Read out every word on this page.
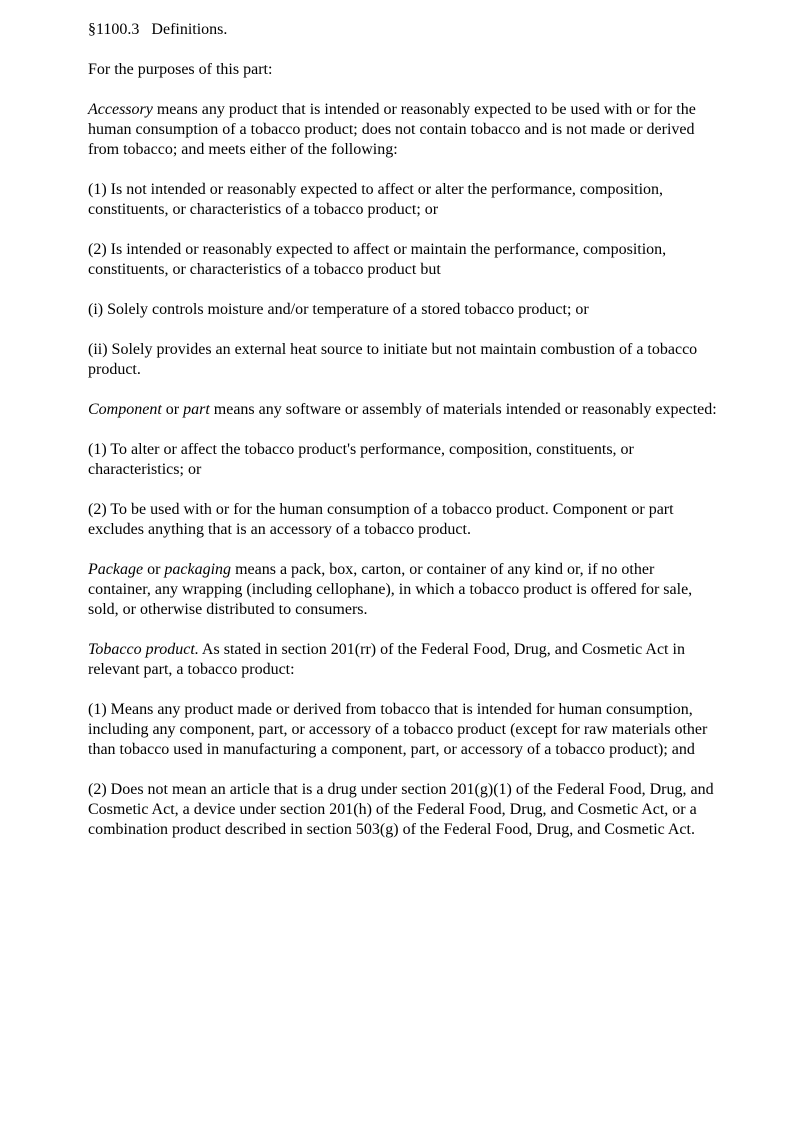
§1100.3 Definitions.

For the purposes of this part:

Accessory means any product that is intended or reasonably expected to be used with or for the human consumption of a tobacco product; does not contain tobacco and is not made or derived from tobacco; and meets either of the following:

(1) Is not intended or reasonably expected to affect or alter the performance, composition, constituents, or characteristics of a tobacco product; or

(2) Is intended or reasonably expected to affect or maintain the performance, composition, constituents, or characteristics of a tobacco product but

(i) Solely controls moisture and/or temperature of a stored tobacco product; or

(ii) Solely provides an external heat source to initiate but not maintain combustion of a tobacco product.

Component or part means any software or assembly of materials intended or reasonably expected:

(1) To alter or affect the tobacco product's performance, composition, constituents, or characteristics; or

(2) To be used with or for the human consumption of a tobacco product. Component or part excludes anything that is an accessory of a tobacco product.

Package or packaging means a pack, box, carton, or container of any kind or, if no other container, any wrapping (including cellophane), in which a tobacco product is offered for sale, sold, or otherwise distributed to consumers.

Tobacco product. As stated in section 201(rr) of the Federal Food, Drug, and Cosmetic Act in relevant part, a tobacco product:

(1) Means any product made or derived from tobacco that is intended for human consumption, including any component, part, or accessory of a tobacco product (except for raw materials other than tobacco used in manufacturing a component, part, or accessory of a tobacco product); and

(2) Does not mean an article that is a drug under section 201(g)(1) of the Federal Food, Drug, and Cosmetic Act, a device under section 201(h) of the Federal Food, Drug, and Cosmetic Act, or a combination product described in section 503(g) of the Federal Food, Drug, and Cosmetic Act.
